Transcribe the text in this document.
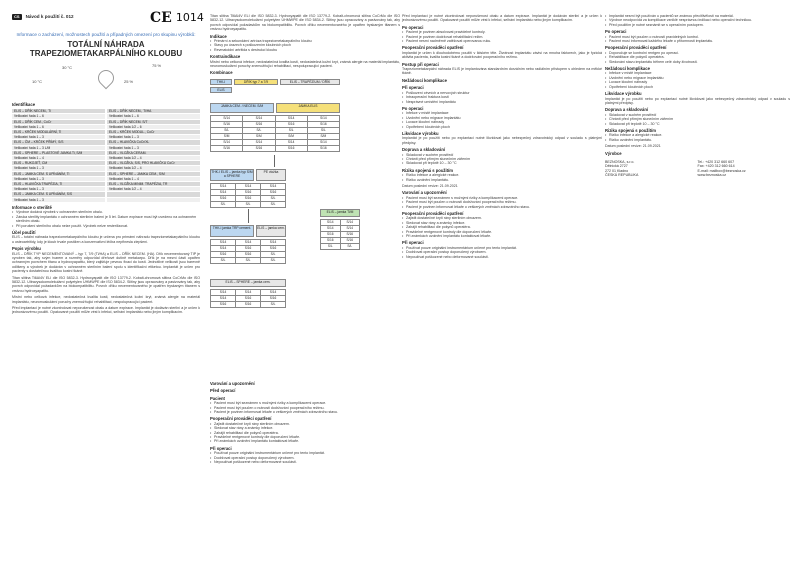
CS	Návod k použití č. 012	CE 1014
Informace o zacházení, možnostech použití a případných omezení pro skupinu výrobků:
TOTÁLNÍ NÁHRADA TRAPEZIOMETAKARPÁLNÍHO KLOUBU
30 °C
10 °C
75 %
25 %
Identifikace
ELIS – DŘÍK NECEM., Ti	ELIS – DŘÍK NECEM., Ti/HA
Velikostní řada 1 – 6	Velikostní řada 1 – 6
ELIS – DŘÍK CEM., CoCr	ELIS – DŘÍK NECEM. S/T
Velikostní řada 1 – 6	Velikostní řada 1/2 – 6
ELIS – KRČEK MODULÁRNÍ, Ti	ELIS – KRČEK MODUL., CoCr
Velikostní řada 1 – 3	Velikostní řada 1 – 3
ELIS – ČM – KRČEK PŘÍMÝ, S/S	ELIS – HLAVIČKA CoCr/XL
Velikostní řada 1 – 3 L/M	Velikostní řada 1 – 3
ELIS – SPHERE – PLASTOVÉ JAMKA Ti, S/M	ELIS – VLOŽKA CERAM.
Velikostní řada 1 – 4	Velikostní řada 1/2 – 4
ELIS – RUKOJEŤ, CM	ELIS – VLOŽKA, S/S, PRO HLAVIČKU CoCr
Velikostní řada 1 – 3	Velikostní řada 1/2 – 4
ELIS – JAMKA CEM. S UPÍNÁNÍM, Ti	ELIS – SPHERE – JAMKA CEM., S/M
Velikostní řada 1 – 3	Velikostní řada 1 – 4
ELIS – HLAVIČKA TRAPÉZIA, Ti	ELIS – VLOŽKA MINIM. TRAPÉZIA, TR
Velikostní řada 1 – 3	Velikostní řada 1/2 – 4
ELIS – JAMKA CEM. S UPÍNÁNÍM, S/S
Velikostní řada 1 – 3
Informace o sterilitě
• Výrobce dodává výrobek v ochranném sterilním obalu.
• Záruka sterility implantátu v ochranném sterilním balení je 5 let. Datum expirace musí být uvedeno na ochranném sterilním obalu.
• Při porušení sterilního obalu nelze použít. Výrobek nelze resterilizovat.
Účel použití
ELIS – totální náhrada trapeziometakarpálního kloubu je určena pro primární náhradu trapeziometakarpálního kloubu u osteoartritidy, kdy je kloub trvale postižen a konzervativní léčba nepřinesla zlepšení.
Popis výrobku
ELIS – DŘÍK TYP NECEMENTOVANÝ – typ 7, 7/9 (Ti/HA) a ELIS – DŘÍK NECEM. (HA). Dřík necementovaný TIP je vyroben tak, aby svým tvarem a rozměry odpovídal dřeňové dutině metakarpu. Dřík je na mezní části opatřen ochranným povrchem titanu a hydroxyapatitu, který zajišťuje pevnou fixaci do kosti. Jednotlivé velikosti jsou barevně odlišeny a výrobek je dodáván v ochranném sterilním balení spolu s identifikační etiketou. Implantát je určen pro pacienty s dostatečnou kvalitou kostní tkáně.
Titan slitina Ti6Al4V ELI dle ISO 5832-3. Hydroxyapatit dle ISO 13779-2. Kobalt-chromová slitina CoCrMo dle ISO 5832-12. Ultravysokomolekulární polyetylen UHMWPE dle ISO 5834-2. Slitiny jsou opracovány a pasivovány tak, aby povrch odpovídal požadavkům na biokompatibilitu. Povrch dříku necementovaného je opatřen tryskaným titanem s vrstvou hydroxyapatitu.
Místní nebo celková infekce, nedostatečná kvalita kosti, nedostatečná kožní kryt, známá alergie na materiál implantátu, neuromuskulární poruchy znemožňující rehabilitaci, nespolupracující pacient.
Před implantací je nutné zkontrolovat neporušenost obalu a datum expirace. Implantát je dodáván sterilní a je určen k jednorázovému použití. Opakované použití může vést k infekci, selhání implantátu nebo jiným komplikacím.
Titan slitina Ti6Al4V ELI dle ISO 5832-3. Hydroxyapatit dle ISO 13779-2. Kobalt-chromová slitina CoCrMo dle ISO 5832-12. Ultravysokomolekulární polyetylen UHMWPE dle ISO 5834-2. Slitiny jsou opracovány a pasivovány tak, aby povrch odpovídal požadavkům na biokompatibilitu. Povrch dříku necementovaného je opatřen tryskaným titanem s vrstvou hydroxyapatitu.
Indikace
• Primární a sekundární artróza trapeziometakarpálního kloubu
• Stavy po úrazech s poškozením kloubních ploch
• Revmatoidní artritida s destrukcí kloubu
Kontraindikace
Místní nebo celková infekce, nedostatečná kvalita kosti, nedostatečná kožní kryt, známá alergie na materiál implantátu, neuromuskulární poruchy znemožňující rehabilitaci, nespolupracující pacient.
Kombinace
THK-I	DŘÍK typ 7 a 7/9	ELIS – TRAPÉZIUM / DŘÍK
ELIS
JAMKA CEM. / NECEM. S/M	JAMKA ELIS
S/14	S/14	S/14	S/14
S/16	S/16	S/16	S/16
S/L	S/L	S/L	S/L
S/M	S/M	S/M	S/M
S/14	S/14	S/14	S/14
S/16	S/16	S/16	S/16
THK-I ELIS – jamka typ S/M a SPHERE
PE vložka
S/14	S/14	S/14
S/14	S/16	S/16
S/16	S/16	S/L
S/L	S/L	S/L
ELIS – jamka Ti/M
S/14	S/14
S/14	S/14
S/16	S/16
S/16	S/16
S/L	S/L
THK-I jamka TRP cement.	ELIS – jamka cem.
S/14	S/14	S/14
S/14	S/16	S/16
S/16	S/16	S/L
S/L	S/L	S/L
ELIS – SPHERE – jamka cem.
S/14	S/14	S/14
S/14	S/16	S/16
S/16	S/16	S/L
Varování a upozornění
Před operací
Pacient
• Pacient musí být seznámen s možnými riziky a komplikacemi operace.
• Pacient musí být poučen o nutnosti dodržování pooperačního režimu.
• Pacient je povinen informovat lékaře o veškerých změnách zdravotního stavu.
Pooperační prováděcí opatření
• Zajistit dostatečné krytí rány sterilním obvazem.
• Sledovat stav rány a známky infekce.
• Zahájit rehabilitaci dle pokynů operatéra.
• Pravidelné rentgenové kontroly dle doporučení lékaře.
• Při známkách uvolnění implantátu kontaktovat lékaře.
Při operaci
• Používat pouze originální instrumentárium určené pro tento implantát.
• Dodržovat operační postup doporučený výrobcem.
• Nepoužívat poškozené nebo deformované součásti.
Před implantací je nutné zkontrolovat neporušenost obalu a datum expirace. Implantát je dodáván sterilní a je určen k jednorázovému použití. Opakované použití může vést k infekci, selhání implantátu nebo jiným komplikacím.
Po operaci
• Pacient je povinen absolvovat pravidelné kontroly.
• Pacient je povinen dodržovat rehabilitační režim.
• Pacient nesmí nadměrně zatěžovat operovanou ruku.
Pooperační prováděcí opatření
Implantát je určen k dlouhodobému použití v lidském těle. Životnost implantátu závisí na mnoha faktorech, jako je fyzická aktivita pacienta, kvalita kostní tkáně a dodržování pooperačního režimu.
Postup při operaci
Trapeziometakarpální náhrada ELIS je implantována standardním dorzálním nebo radiálním přístupem s ohledem na měkké tkáně.
Nežádoucí komplikace
Při operaci
• Poškození cévních a nervových struktur
• Intraoperační fraktura kosti
• Nesprávné umístění implantátu
Po operaci
• Infekce v místě implantace
• Uvolnění nebo migrace implantátu
• Luxace kloubní náhrady
• Opotřebení kloubních ploch
Likvidace výrobku
Implantát je po použití nebo po explantaci nutné likvidovat jako nebezpečný zdravotnický odpad v souladu s platnými předpisy.
Doprava a skladování
• Skladovat v suchém prostředí
• Chránit před přímým slunečním zářením
• Skladovat při teplotě 10 – 30 °C
Rizika spojená s použitím
• Riziko infekce a alergické reakce.
• Riziko uvolnění implantátu.
Datum poslední revize: 21.09.2021
Varování a upozornění
• Pacient musí být seznámen s možnými riziky a komplikacemi operace.
• Pacient musí být poučen o nutnosti dodržování pooperačního režimu.
• Pacient je povinen informovat lékaře o veškerých změnách zdravotního stavu.
Pooperační prováděcí opatření
• Zajistit dostatečné krytí rány sterilním obvazem.
• Sledovat stav rány a známky infekce.
• Zahájit rehabilitaci dle pokynů operatéra.
• Pravidelné rentgenové kontroly dle doporučení lékaře.
• Při známkách uvolnění implantátu kontaktovat lékaře.
Při operaci
• Používat pouze originální instrumentárium určené pro tento implantát.
• Dodržovat operační postup doporučený výrobcem.
• Nepoužívat poškozené nebo deformované součásti.
• Implantát nesmí být používán u pacientů se známou přecitlivělostí na materiál.
• Výrobce neodpovídá za komplikace vzniklé nesprávnou indikací nebo operační technikou.
• Před použitím je nutné seznámit se s operačním postupem.
Po operaci
• Pacient musí být poučen o nutnosti pravidelných kontrol.
• Pacient musí informovat každého lékaře o přítomnosti implantátu.
Pooperační prováděcí opatření
• Doporučuje se kontrolní rentgen po operaci.
• Rehabilitace dle pokynů operatéra.
• Sledování stavu implantátu během celé doby životnosti.
Nežádoucí komplikace
• Infekce v místě implantace
• Uvolnění nebo migrace implantátu
• Luxace kloubní náhrady
• Opotřebení kloubních ploch
Likvidace výrobku
Implantát je po použití nebo po explantaci nutné likvidovat jako nebezpečný zdravotnický odpad v souladu s platnými předpisy.
Doprava a skladování
• Skladovat v suchém prostředí
• Chránit před přímým slunečním zářením
• Skladovat při teplotě 10 – 30 °C
Rizika spojená s použitím
• Riziko infekce a alergické reakce.
• Riziko uvolnění implantátu.
Datum poslední revize: 21.09.2021
Výrobce
BEZNOSKA, s.r.o.
Dělnická 2727
272 01 Kladno
ČESKÁ REPUBLIKA
Tel.: +420 312 660 607
Fax: +420 312 660 614
E-mail: mailbox@beznoska.cz
www.beznoska.cz
